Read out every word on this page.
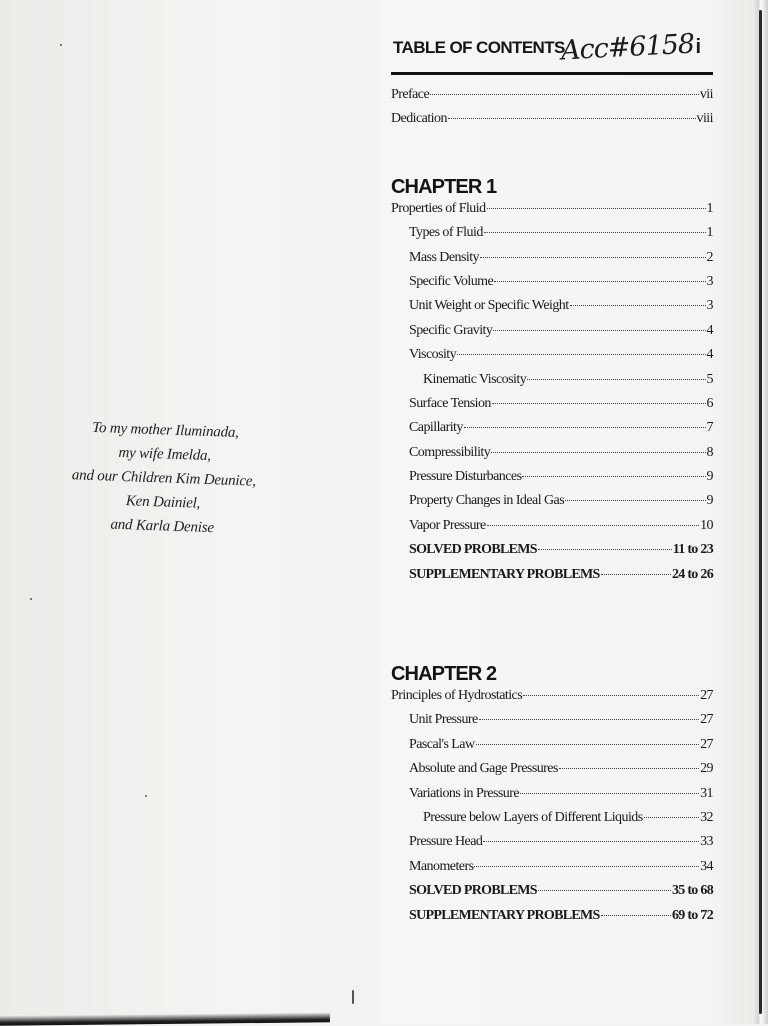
To my mother Iluminada,
my wife Imelda,
and our Children Kim Deunice,
Ken Dainiel,
and Karla Denise
TABLE OF CONTENTS
Acc#6158 i
Preface	vii
Dedication	viii
CHAPTER 1
Properties of Fluid	1
Types of Fluid	1
Mass Density	2
Specific Volume	3
Unit Weight or Specific Weight	3
Specific Gravity	4
Viscosity	4
Kinematic Viscosity	5
Surface Tension	6
Capillarity	7
Compressibility	8
Pressure Disturbances	9
Property Changes in Ideal Gas	9
Vapor Pressure	10
SOLVED PROBLEMS	11 to 23
SUPPLEMENTARY PROBLEMS	24 to 26
CHAPTER 2
Principles of Hydrostatics	27
Unit Pressure	27
Pascal's Law	27
Absolute and Gage Pressures	29
Variations in Pressure	31
Pressure below Layers of Different Liquids	32
Pressure Head	33
Manometers	34
SOLVED PROBLEMS	35 to 68
SUPPLEMENTARY PROBLEMS	69 to 72
